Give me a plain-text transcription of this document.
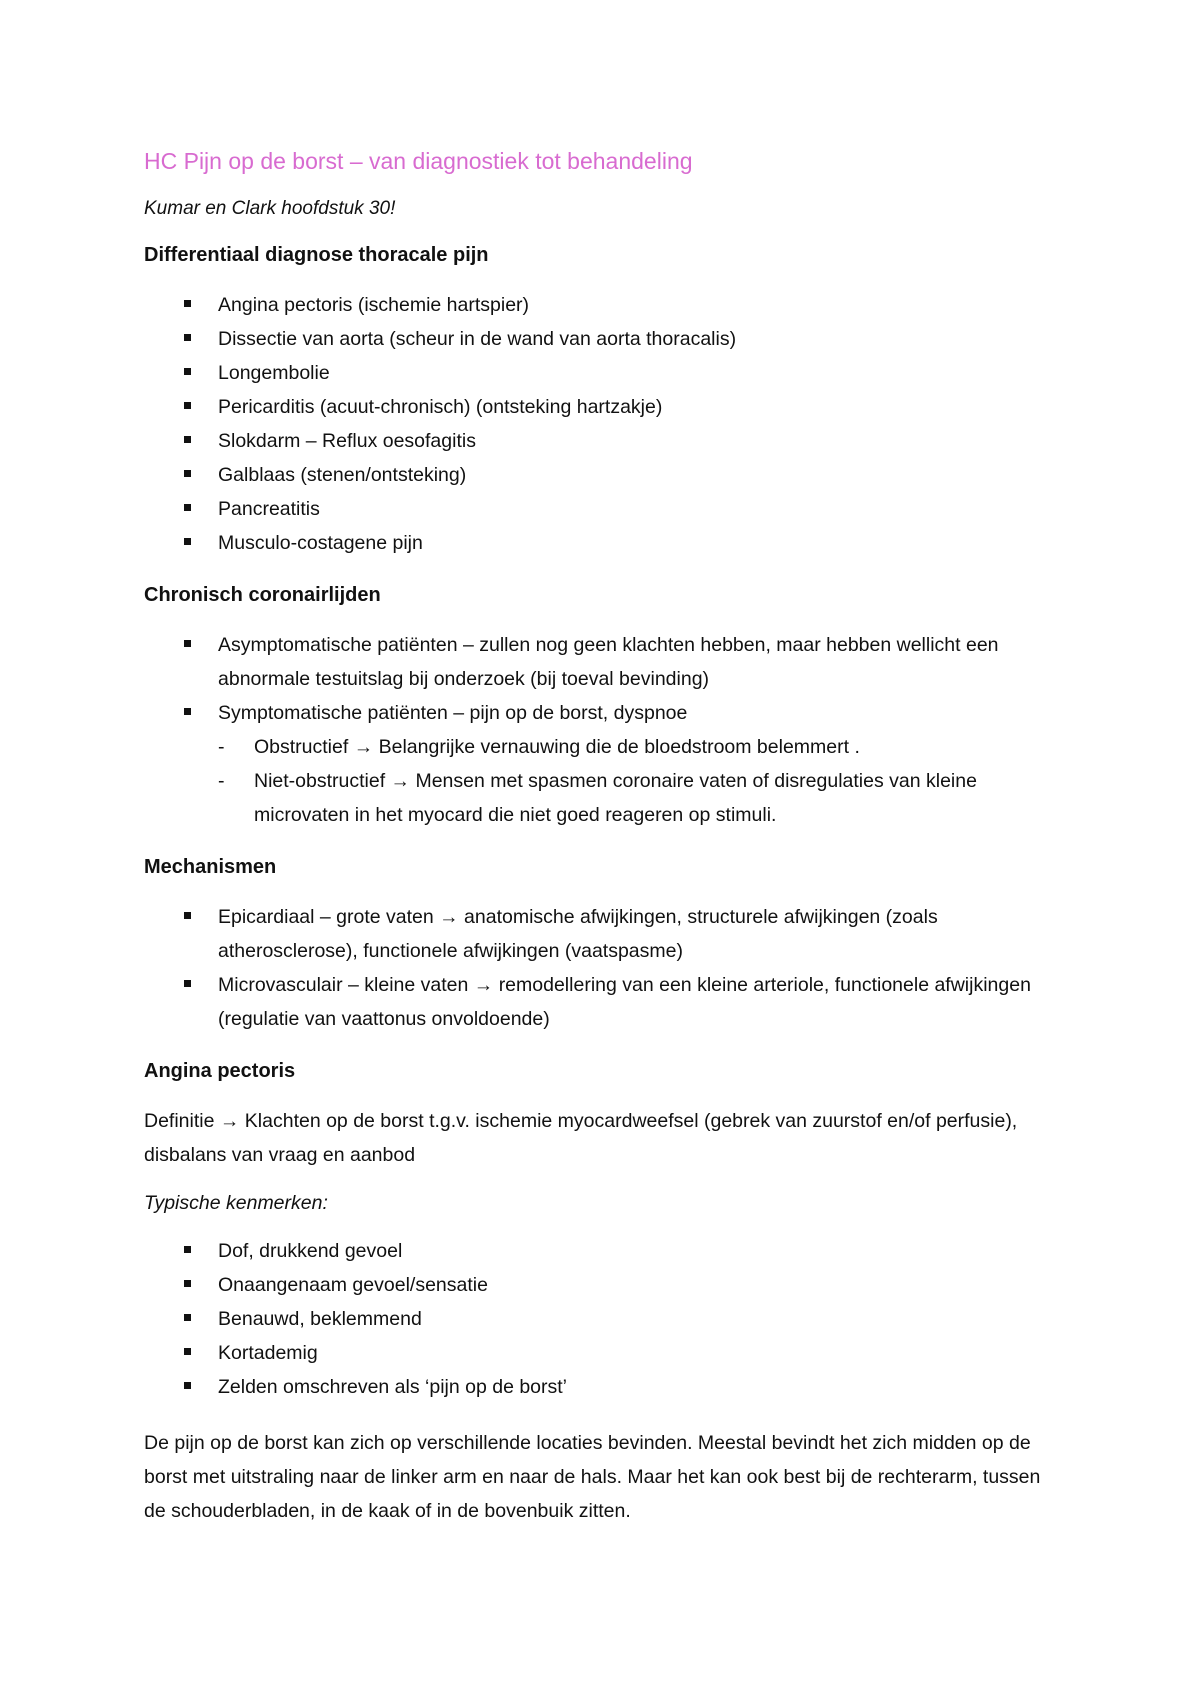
HC Pijn op de borst – van diagnostiek tot behandeling
Kumar en Clark hoofdstuk 30!
Differentiaal diagnose thoracale pijn
Angina pectoris (ischemie hartspier)
Dissectie van aorta (scheur in de wand van aorta thoracalis)
Longembolie
Pericarditis (acuut-chronisch) (ontsteking hartzakje)
Slokdarm – Reflux oesofagitis
Galblaas (stenen/ontsteking)
Pancreatitis
Musculo-costagene pijn
Chronisch coronairlijden
Asymptomatische patiënten – zullen nog geen klachten hebben, maar hebben wellicht een abnormale testuitslag bij onderzoek (bij toeval bevinding)
Symptomatische patiënten – pijn op de borst, dyspnoe
- Obstructief → Belangrijke vernauwing die de bloedstroom belemmert .
- Niet-obstructief → Mensen met spasmen coronaire vaten of disregulaties van kleine microvaten in het myocard die niet goed reageren op stimuli.
Mechanismen
Epicardiaal – grote vaten → anatomische afwijkingen, structurele afwijkingen (zoals atherosclerose), functionele afwijkingen (vaatspasme)
Microvasculair – kleine vaten → remodellering van een kleine arteriole, functionele afwijkingen (regulatie van vaattonus onvoldoende)
Angina pectoris

Definitie → Klachten op de borst t.g.v. ischemie myocardweefsel (gebrek van zuurstof en/of perfusie), disbalans van vraag en aanbod

Typische kenmerken:

Dof, drukkend gevoel
Onaangenaam gevoel/sensatie
Benauwd, beklemmend
Kortademig
Zelden omschreven als ‘pijn op de borst’

De pijn op de borst kan zich op verschillende locaties bevinden. Meestal bevindt het zich midden op de borst met uitstraling naar de linker arm en naar de hals. Maar het kan ook best bij de rechterarm, tussen de schouderbladen, in de kaak of in de bovenbuik zitten.
